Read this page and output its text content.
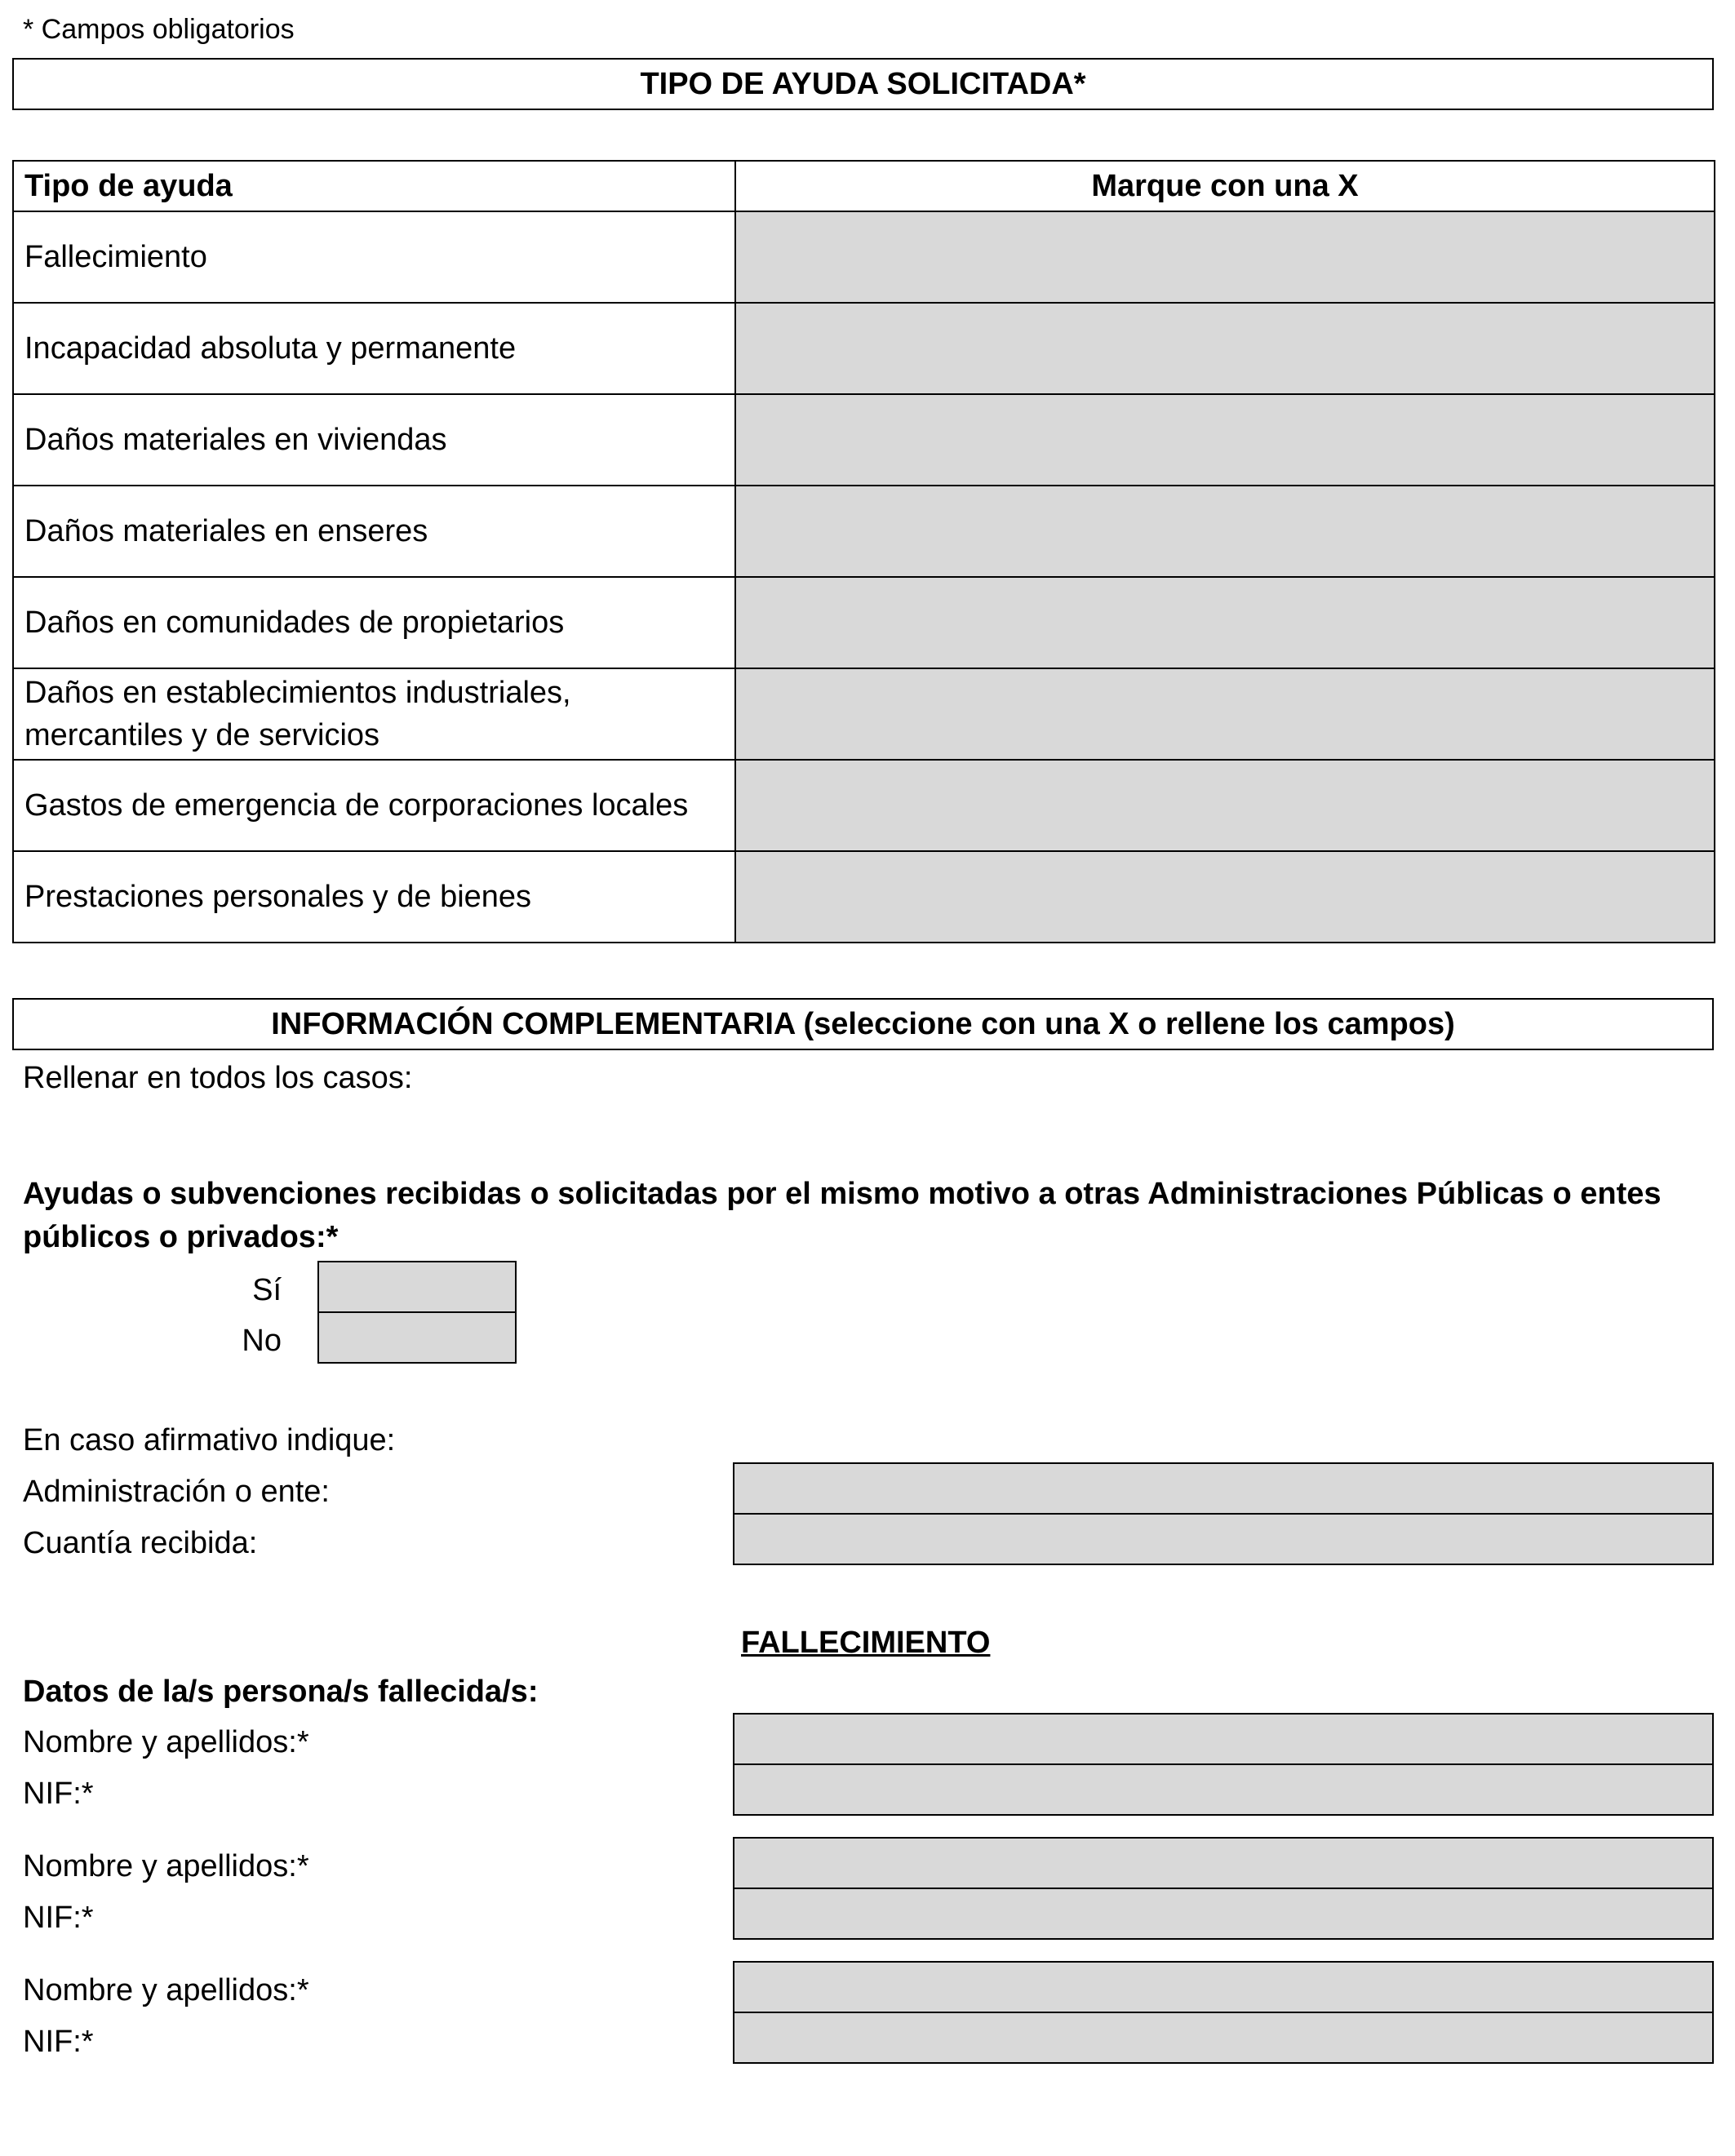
* Campos obligatorios
TIPO DE AYUDA SOLICITADA*
Tipo de ayuda	Marque con una X
Fallecimiento	
Incapacidad absoluta y permanente	
Daños materiales en viviendas	
Daños materiales en enseres	
Daños en comunidades de propietarios	
Daños en establecimientos industriales,
mercantiles y de servicios	
Gastos de emergencia de corporaciones locales	
Prestaciones personales y de bienes	
INFORMACIÓN COMPLEMENTARIA (seleccione con una X o rellene los campos)
Rellenar en todos los casos:
Ayudas o subvenciones recibidas o solicitadas por el mismo motivo a otras Administraciones Públicas o entes
públicos o privados:*
Sí
No
En caso afirmativo indique:
Administración o ente:
Cuantía recibida:
FALLECIMIENTO
Datos de la/s persona/s fallecida/s:
Nombre y apellidos:*
NIF:*
Nombre y apellidos:*
NIF:*
Nombre y apellidos:*
NIF:*
